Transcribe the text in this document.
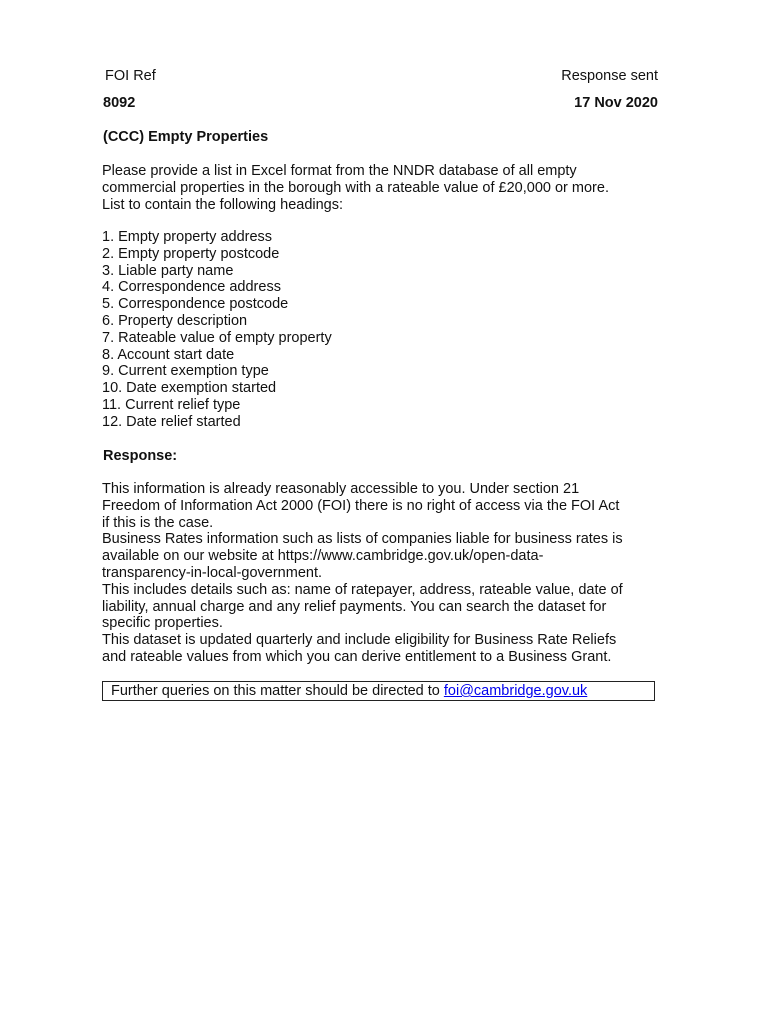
FOI Ref	Response sent
8092	17 Nov 2020
(CCC) Empty Properties
Please provide a list in Excel format from the NNDR database of all empty
commercial properties in the borough with a rateable value of £20,000 or more.
List to contain the following headings:
1. Empty property address
2. Empty property postcode
3. Liable party name
4. Correspondence address
5. Correspondence postcode
6. Property description
7. Rateable value of empty property
8. Account start date
9. Current exemption type
10. Date exemption started
11. Current relief type
12. Date relief started
Response:
This information is already reasonably accessible to you. Under section 21
Freedom of Information Act 2000 (FOI) there is no right of access via the FOI Act
if this is the case.
Business Rates information such as lists of companies liable for business rates is
available on our website at https://www.cambridge.gov.uk/open-data-
transparency-in-local-government.
This includes details such as: name of ratepayer, address, rateable value, date of
liability, annual charge and any relief payments. You can search the dataset for
specific properties.
This dataset is updated quarterly and include eligibility for Business Rate Reliefs
and rateable values from which you can derive entitlement to a Business Grant.
Further queries on this matter should be directed to foi@cambridge.gov.uk
